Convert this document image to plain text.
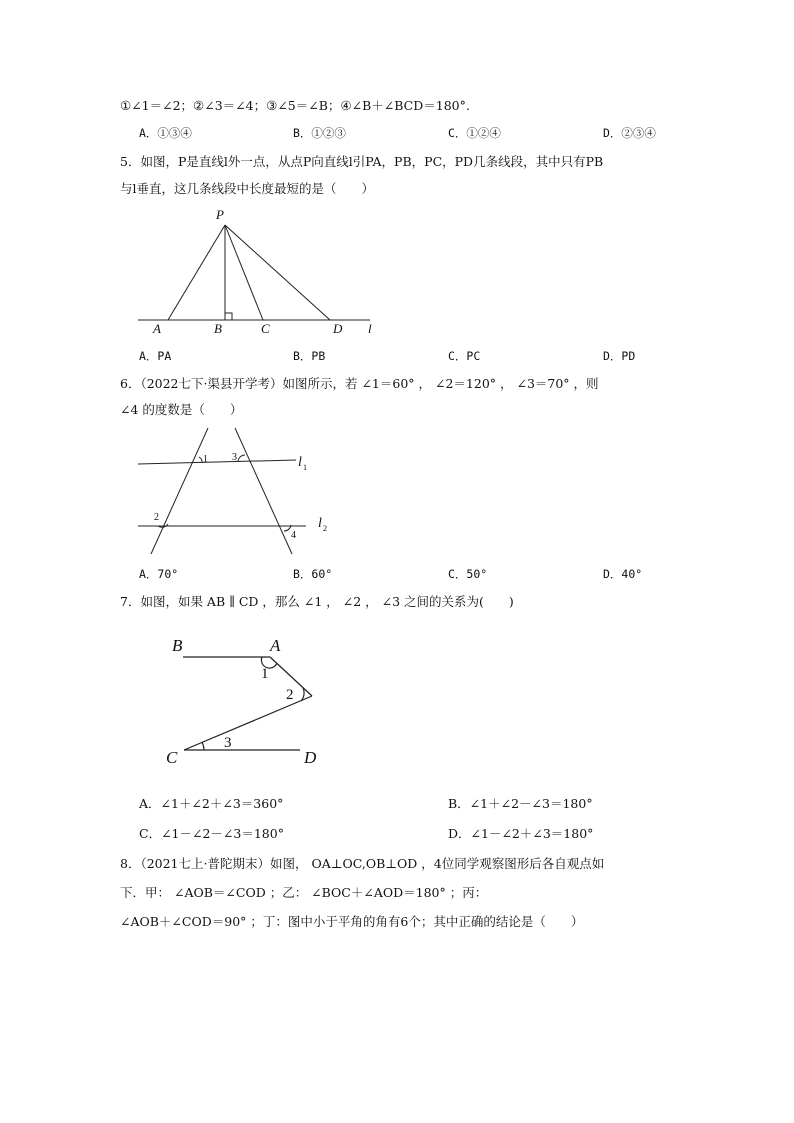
①∠1＝∠2；②∠3＝∠4；③∠5＝∠B；④∠B＋∠BCD＝180°.
A．①③④	B．①②③	C．①②④	D．②③④
5．如图，P是直线l外一点，从点P向直线l引PA，PB，PC，PD几条线段，其中只有PB
与l垂直，这几条线段中长度最短的是（　　）
P
A	B	C	D l
A．PA	B．PB	C．PC	D．PD
6．（2022七下·渠县开学考）如图所示，若 ∠1＝60° ， ∠2＝120° ， ∠3＝70° ，则
∠4 的度数是（　　）
1 3
2
4
l 1
l 2
A．70°	B．60°	C．50°	D．40°
7．如图，如果 AB ∥ CD ，那么 ∠1 ， ∠2 ， ∠3 之间的关系为(　　)
B	A
C	D
1
2
3
A．∠1＋∠2＋∠3＝360°	B．∠1＋∠2－∠3＝180°
C．∠1－∠2－∠3＝180°	D．∠1－∠2＋∠3＝180°
8．（2021七上·普陀期末）如图， OA⊥OC,OB⊥OD ，4位同学观察图形后各自观点如
下．甲： ∠AOB＝∠COD ；乙： ∠BOC＋∠AOD＝180° ；丙：
∠AOB＋∠COD＝90° ；丁：图中小于平角的角有6个；其中正确的结论是（　　）
